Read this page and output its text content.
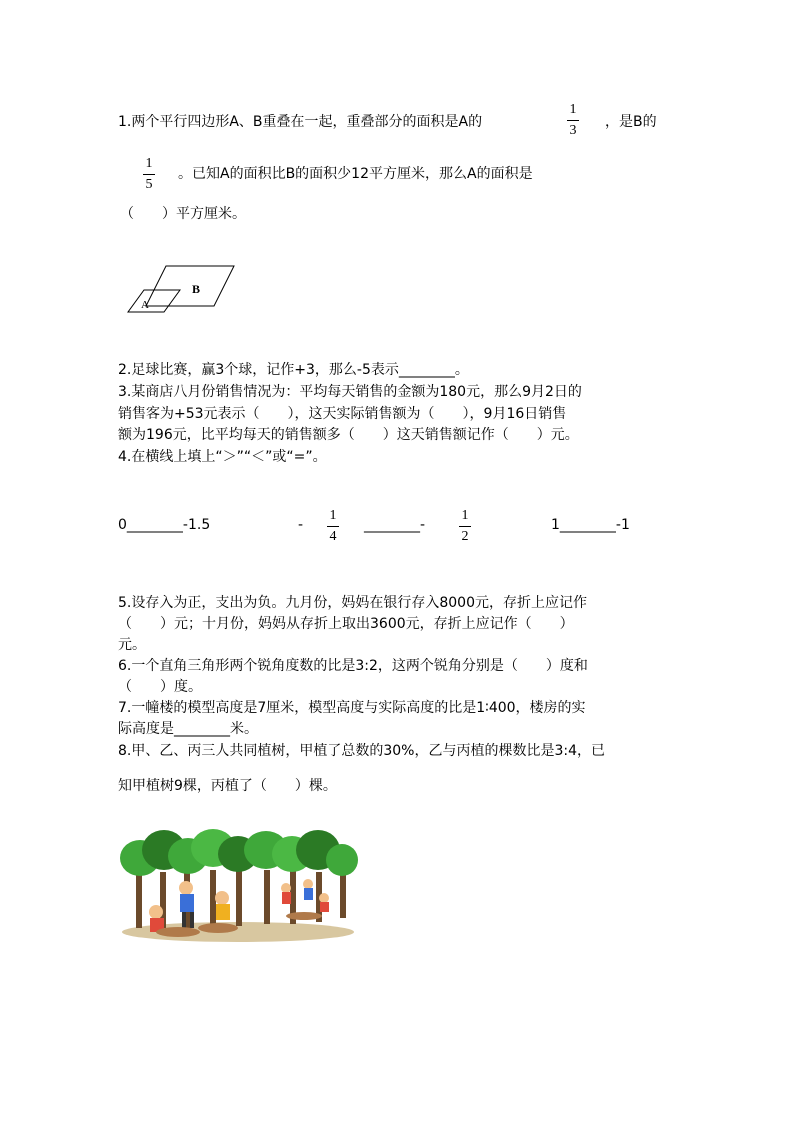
1.两个平行四边形A、B重叠在一起，重叠部分的面积是A的
1
3
，是B的
1
5
。已知A的面积比B的面积少12平方厘米，那么A的面积是
（　　）平方厘米。
B
A
2.足球比赛，赢3个球，记作+3，那么-5表示________。
3.某商店八月份销售情况为：平均每天销售的金额为180元，那么9月2日的
销售客为+53元表示（　　），这天实际销售额为（　　），9月16日销售
额为196元，比平均每天的销售额多（　　）这天销售额记作（　　）元。
4.在横线上填上“＞”“＜”或“=”。
0________-1.5	-
1
4
________-
1
2
1________-1
5.设存入为正，支出为负。九月份，妈妈在银行存入8000元，存折上应记作
（　　）元；十月份，妈妈从存折上取出3600元，存折上应记作（　　）
元。
6.一个直角三角形两个锐角度数的比是3:2，这两个锐角分别是（　　）度和
（　　）度。
7.一幢楼的模型高度是7厘米，模型高度与实际高度的比是1∶400，楼房的实
际高度是________米。
8.甲、乙、丙三人共同植树，甲植了总数的30%，乙与丙植的棵数比是3:4，已
知甲植树9棵，丙植了（　　）棵。
